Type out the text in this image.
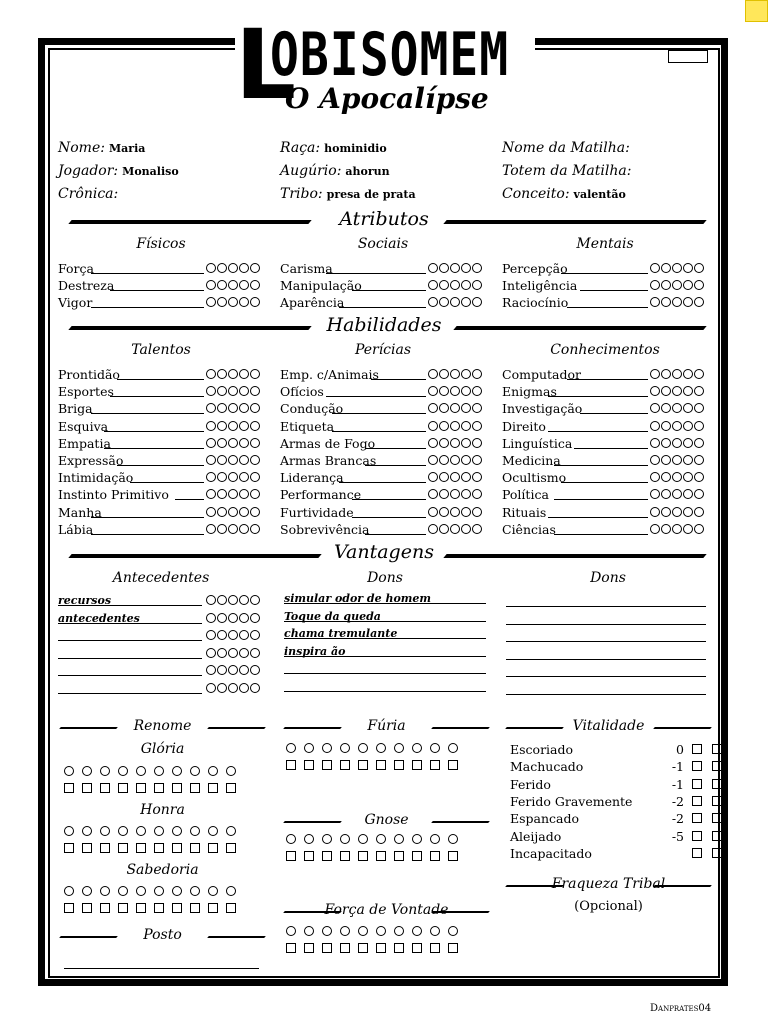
L
OBISOMEM
O Apocalípse
Nome: Maria
Jogador: Monaliso
Crônica:
Raça: hominidio
Augúrio: ahorun
Tribo: presa de prata
Nome da Matilha:
Totem da Matilha:
Conceito: valentão
Atributos
Habilidades
Vantagens
Físicos
Força
Destreza
Vigor
Sociais
Carisma
Manipulação
Aparência
Mentais
Percepção
Inteligência
Raciocínio
Talentos
Prontidão
Esportes
Briga
Esquiva
Empatia
Expressão
Intimidação
Instinto Primitivo
Manha
Lábia
Perícias
Emp. c/Animais
Ofícios
Condução
Etiqueta
Armas de Fogo
Armas Brancas
Liderança
Performance
Furtividade
Sobrevivência
Conhecimentos
Computador
Enigmas
Investigação
Direito
Linguística
Medicina
Ocultismo
Política
Rituais
Ciências
Antecedentes	Dons	Dons
recursos
antecedentes
simular odor de homem
Toque da queda
chama tremulante
inspira ão
Renome
Glória
Honra
Sabedoria
Posto
Fúria
Gnose
Força de Vontade
Vitalidade
Escoriado	0
Machucado	-1
Ferido	-1
Ferido Gravemente	-2
Espancado	-2
Aleijado	-5
Incapacitado
Fraqueza Tribal
(Opcional)
Danprates04
